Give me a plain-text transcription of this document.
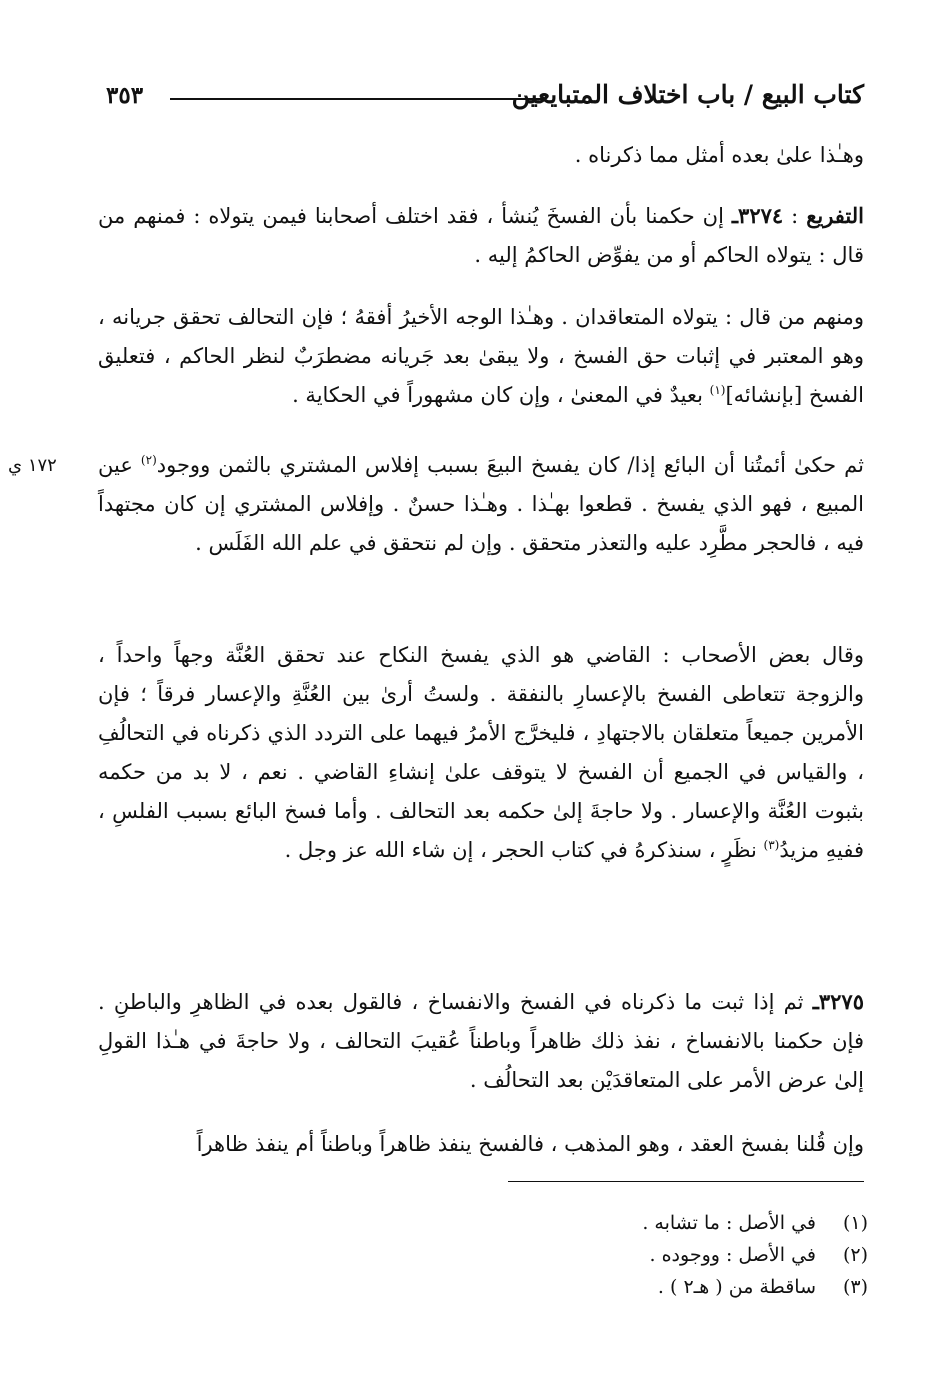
كتاب البيع / باب اختلاف المتبايعين
٣٥٣
١٧٢ ي

وهـٰذا علىٰ بعده أمثل مما ذكرناه .

التفريع : ٣٢٧٤ـ إن حكمنا بأن الفسخَ يُنشأ ، فقد اختلف أصحابنا فيمن يتولاه : فمنهم من قال : يتولاه الحاكم أو من يفوِّض الحاكمُ إليه .

ومنهم من قال : يتولاه المتعاقدان . وهـٰذا الوجه الأخيرُ أفقهُ ؛ فإن التحالف تحقق جريانه ، وهو المعتبر في إثبات حق الفسخ ، ولا يبقىٰ بعد جَريانه مضطرَبٌ لنظر الحاكم ، فتعليق الفسخ [بإنشائه]$^{(١)}$ بعيدٌ في المعنىٰ ، وإن كان مشهوراً في الحكاية .

ثم حكىٰ أئمتُنا أن البائع إذا/ كان يفسخ البيعَ بسبب إفلاس المشتري بالثمن ووجود$^{(٢)}$ عين المبيع ، فهو الذي يفسخ . قطعوا بهـٰذا . وهـٰذا حسنٌ . وإفلاس المشتري إن كان مجتهداً فيه ، فالحجر مطَّرِد عليه والتعذر متحقق . وإن لم نتحقق في علم الله الفَلَس .

وقال بعض الأصحاب : القاضي هو الذي يفسخ النكاح عند تحقق العُنَّة وجهاً واحداً ، والزوجة تتعاطى الفسخ بالإعسارِ بالنفقة . ولستُ أرىٰ بين العُنَّةِ والإعسار فرقاً ؛ فإن الأمرين جميعاً متعلقان بالاجتهادِ ، فليخرَّج الأمرُ فيهما على التردد الذي ذكرناه في التحالُفِ ، والقياس في الجميع أن الفسخ لا يتوقف علىٰ إنشاءِ القاضي . نعم ، لا بد من حكمه بثبوت العُنَّة والإعسار . ولا حاجةَ إلىٰ حكمه بعد التحالف . وأما فسخ البائع بسبب الفلسِ ، ففيهِ مزيدُ$^{(٣)}$ نظَرٍ ، سنذكرهُ في كتاب الحجر ، إن شاء الله عز وجل .

٣٢٧٥ـ ثم إذا ثبت ما ذكرناه في الفسخ والانفساخ ، فالقول بعده في الظاهرِ والباطنِ . فإن حكمنا بالانفساخ ، نفذ ذلك ظاهراً وباطناً عُقيبَ التحالف ، ولا حاجةَ في هـٰذا القولِ إلىٰ عرض الأمر على المتعاقدَيْن بعد التحالُف .

وإن قُلنا بفسخ العقد ، وهو المذهب ، فالفسخ ينفذ ظاهراً وباطناً أم ينفذ ظاهراً

(١)
في الأصل : ما تشابه .
(٢)
في الأصل : ووجوده .
(٣)
ساقطة من ( هـ٢ ) .
